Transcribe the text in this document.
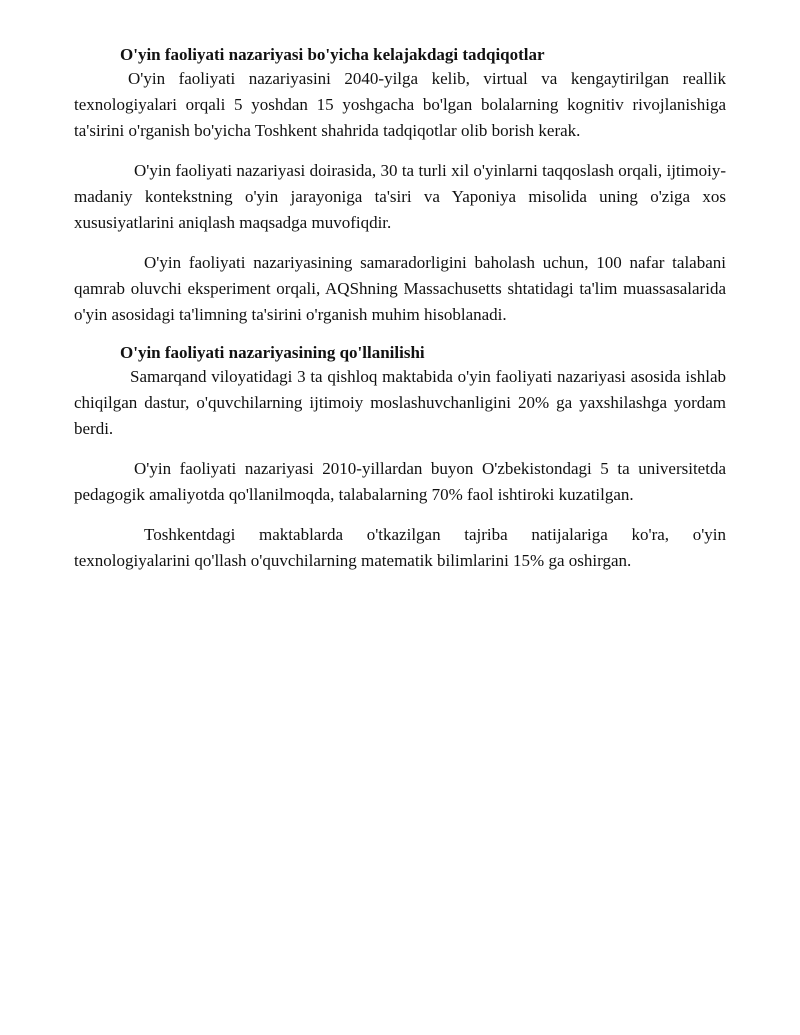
O'yin faoliyati nazariyasi bo'yicha kelajakdagi tadqiqotlar

O'yin faoliyati nazariyasini 2040-yilga kelib, virtual va kengaytirilgan reallik texnologiyalari orqali 5 yoshdan 15 yoshgacha bo'lgan bolalarning kognitiv rivojlanishiga ta'sirini o'rganish bo'yicha Toshkent shahrida tadqiqotlar olib borish kerak.

O'yin faoliyati nazariyasi doirasida, 30 ta turli xil o'yinlarni taqqoslash orqali, ijtimoiy-madaniy kontekstning o'yin jarayoniga ta'siri va Yaponiya misolida uning o'ziga xos xususiyatlarini aniqlash maqsadga muvofiqdir.

O'yin faoliyati nazariyasining samaradorligini baholash uchun, 100 nafar talabani qamrab oluvchi eksperiment orqali, AQShning Massachusetts shtatidagi ta'lim muassasalarida o'yin asosidagi ta'limning ta'sirini o'rganish muhim hisoblanadi.

O'yin faoliyati nazariyasining qo'llanilishi

Samarqand viloyatidagi 3 ta qishloq maktabida o'yin faoliyati nazariyasi asosida ishlab chiqilgan dastur, o'quvchilarning ijtimoiy moslashuvchanligini 20% ga yaxshilashga yordam berdi.

O'yin faoliyati nazariyasi 2010-yillardan buyon O'zbekistondagi 5 ta universitetda pedagogik amaliyotda qo'llanilmoqda, talabalarning 70% faol ishtiroki kuzatilgan.

Toshkentdagi maktablarda o'tkazilgan tajriba natijalariga ko'ra, o'yin texnologiyalarini qo'llash o'quvchilarning matematik bilimlarini 15% ga oshirgan.
